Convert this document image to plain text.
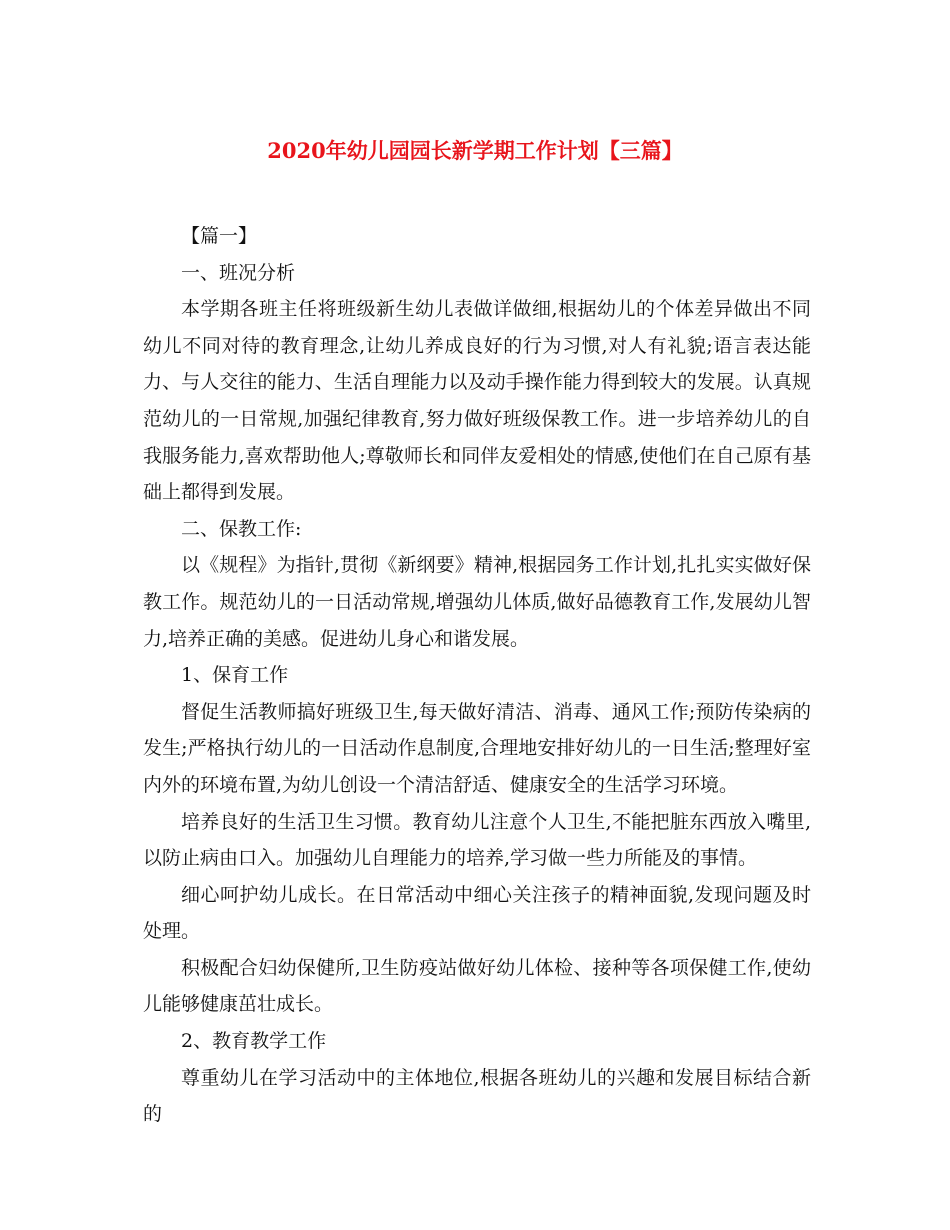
2020年幼儿园园长新学期工作计划【三篇】

【篇一】

一、班况分析

本学期各班主任将班级新生幼儿表做详做细,根据幼儿的个体差异做出不同幼儿不同对待的教育理念,让幼儿养成良好的行为习惯,对人有礼貌;语言表达能力、与人交往的能力、生活自理能力以及动手操作能力得到较大的发展。认真规范幼儿的一日常规,加强纪律教育,努力做好班级保教工作。进一步培养幼儿的自我服务能力,喜欢帮助他人;尊敬师长和同伴友爱相处的情感,使他们在自己原有基础上都得到发展。

二、保教工作:

以《规程》为指针,贯彻《新纲要》精神,根据园务工作计划,扎扎实实做好保教工作。规范幼儿的一日活动常规,增强幼儿体质,做好品德教育工作,发展幼儿智力,培养正确的美感。促进幼儿身心和谐发展。

1、保育工作

督促生活教师搞好班级卫生,每天做好清洁、消毒、通风工作;预防传染病的发生;严格执行幼儿的一日活动作息制度,合理地安排好幼儿的一日生活;整理好室内外的环境布置,为幼儿创设一个清洁舒适、健康安全的生活学习环境。

培养良好的生活卫生习惯。教育幼儿注意个人卫生,不能把脏东西放入嘴里,以防止病由口入。加强幼儿自理能力的培养,学习做一些力所能及的事情。

细心呵护幼儿成长。在日常活动中细心关注孩子的精神面貌,发现问题及时处理。

积极配合妇幼保健所,卫生防疫站做好幼儿体检、接种等各项保健工作,使幼儿能够健康茁壮成长。

2、教育教学工作

尊重幼儿在学习活动中的主体地位,根据各班幼儿的兴趣和发展目标结合新的
